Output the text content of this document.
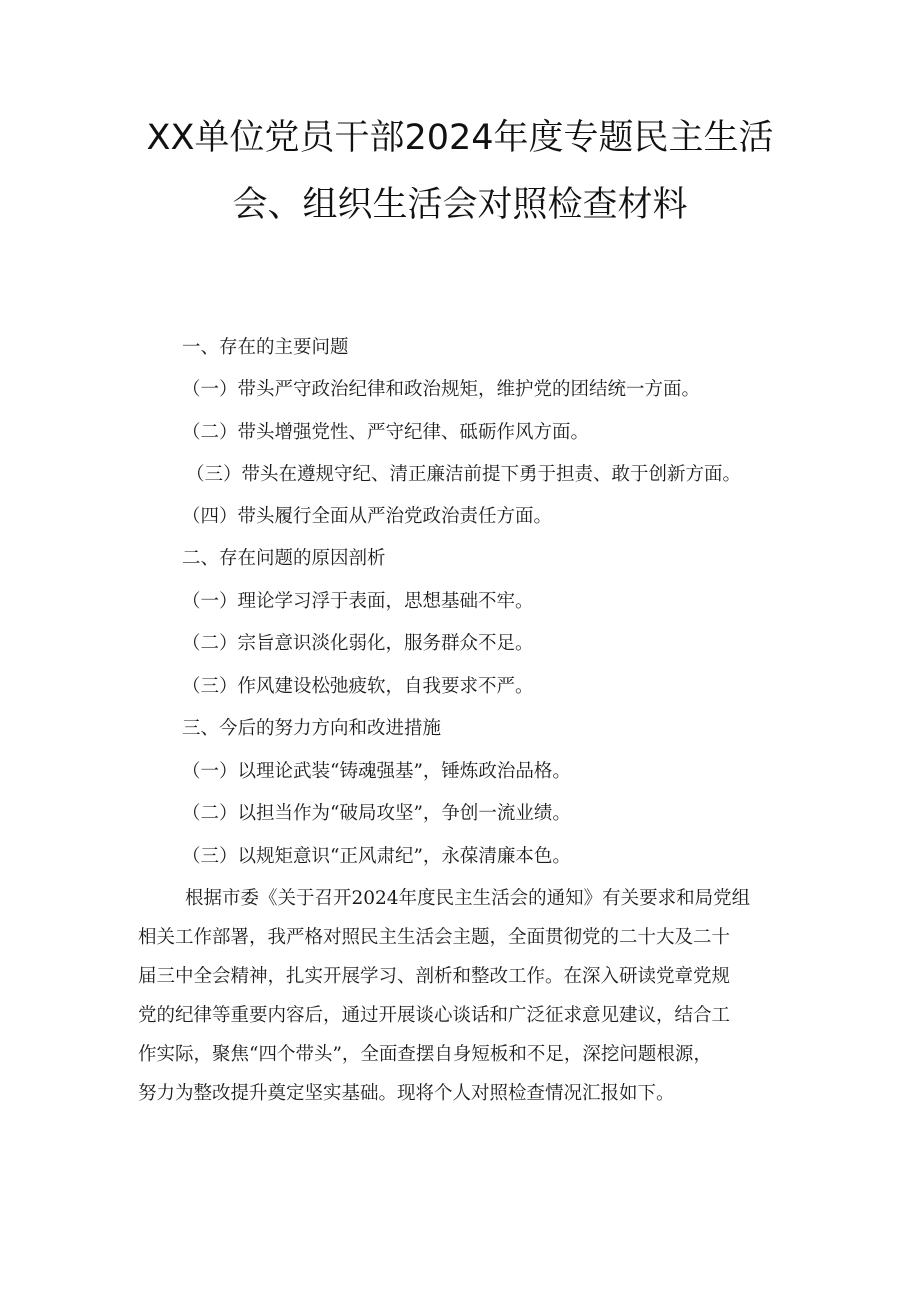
XX单位党员干部2024年度专题民主生活
会、组织生活会对照检查材料
一、存在的主要问题
（一）带头严守政治纪律和政治规矩，维护党的团结统一方面。
（二）带头增强党性、严守纪律、砥砺作风方面。
（三）带头在遵规守纪、清正廉洁前提下勇于担责、敢于创新方面。
（四）带头履行全面从严治党政治责任方面。
二、存在问题的原因剖析
（一）理论学习浮于表面，思想基础不牢。
（二）宗旨意识淡化弱化，服务群众不足。
（三）作风建设松弛疲软，自我要求不严。
三、今后的努力方向和改进措施
（一）以理论武装“铸魂强基”，锤炼政治品格。
（二）以担当作为“破局攻坚”，争创一流业绩。
（三）以规矩意识“正风肃纪”，永葆清廉本色。
根据市委《关于召开2024年度民主生活会的通知》有关要求和局党组
相关工作部署，我严格对照民主生活会主题，全面贯彻党的二十大及二十
届三中全会精神，扎实开展学习、剖析和整改工作。在深入研读党章党规
党的纪律等重要内容后，通过开展谈心谈话和广泛征求意见建议，结合工
作实际，聚焦“四个带头”，全面查摆自身短板和不足，深挖问题根源，
努力为整改提升奠定坚实基础。现将个人对照检查情况汇报如下。
